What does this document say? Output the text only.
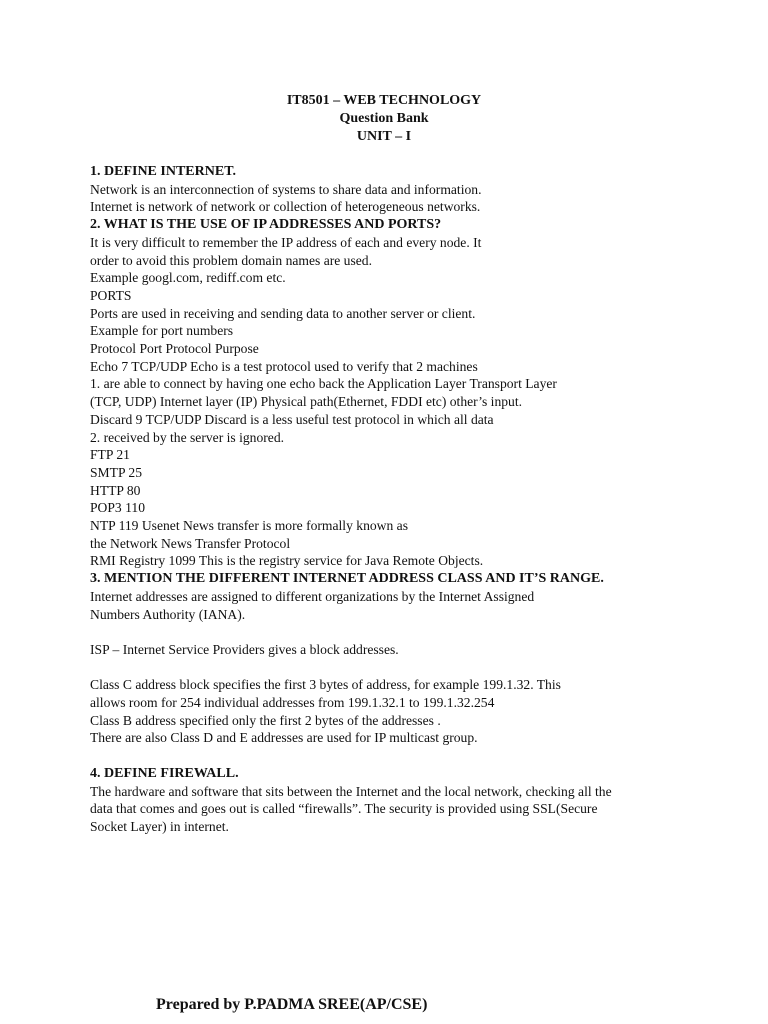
IT8501 – WEB TECHNOLOGY
Question Bank
UNIT – I
1. DEFINE INTERNET.
Network is an interconnection of systems to share data and information.
Internet is network of network or collection of heterogeneous networks.
2. WHAT IS THE USE OF IP ADDRESSES AND PORTS?
It is very difficult to remember the IP address of each and every node. It
order to avoid this problem domain names are used.
Example googl.com, rediff.com etc.
PORTS
Ports are used in receiving and sending data to another server or client.
Example for port numbers
Protocol Port Protocol Purpose
Echo 7 TCP/UDP Echo is a test protocol used to verify that 2 machines
1. are able to connect by having one echo back the Application Layer Transport Layer
(TCP, UDP) Internet layer (IP) Physical path(Ethernet, FDDI etc) other’s input.
Discard 9 TCP/UDP Discard is a less useful test protocol in which all data
2. received by the server is ignored.
FTP 21
SMTP 25
HTTP 80
POP3 110
NTP 119 Usenet News transfer is more formally known as
the Network News Transfer Protocol
RMI Registry 1099 This is the registry service for Java Remote Objects.
3. MENTION THE DIFFERENT INTERNET ADDRESS CLASS AND IT’S RANGE.
Internet addresses are assigned to different organizations by the Internet Assigned
Numbers Authority (IANA).
ISP – Internet Service Providers gives a block addresses.
Class C address block specifies the first 3 bytes of address, for example 199.1.32. This
allows room for 254 individual addresses from 199.1.32.1 to 199.1.32.254
Class B address specified only the first 2 bytes of the addresses .
There are also Class D and E addresses are used for IP multicast group.
4. DEFINE FIREWALL.
The hardware and software that sits between the Internet and the local network, checking all the
data that comes and goes out is called “firewalls”. The security is provided using SSL(Secure
Socket Layer) in internet.
Prepared by P.PADMA SREE(AP/CSE)
